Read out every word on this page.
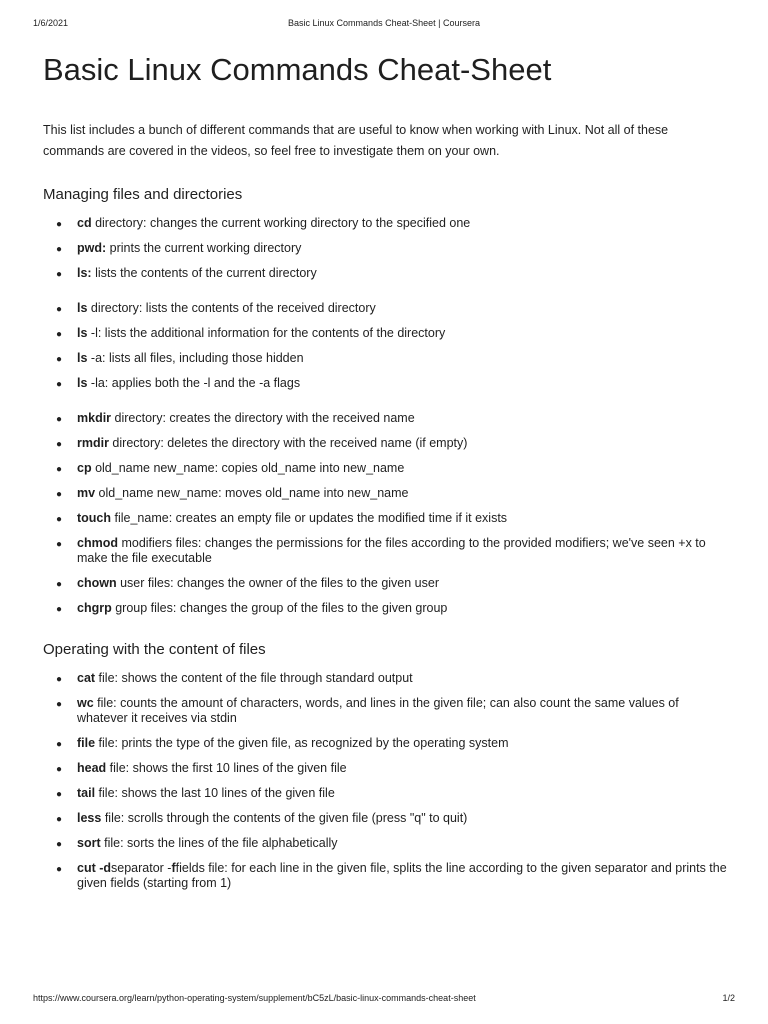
1/6/2021	Basic Linux Commands Cheat-Sheet | Coursera
Basic Linux Commands Cheat-Sheet

This list includes a bunch of different commands that are useful to know when working with Linux. Not all of these commands are covered in the videos, so feel free to investigate them on your own.

Managing files and directories
● cd directory: changes the current working directory to the specified one
● pwd: prints the current working directory
● ls: lists the contents of the current directory
● ls directory: lists the contents of the received directory
● ls -l: lists the additional information for the contents of the directory
● ls -a: lists all files, including those hidden
● ls -la: applies both the -l and the -a flags
● mkdir directory: creates the directory with the received name
● rmdir directory: deletes the directory with the received name (if empty)
● cp old_name new_name: copies old_name into new_name
● mv old_name new_name: moves old_name into new_name
● touch file_name: creates an empty file or updates the modified time if it exists
● chmod modifiers files: changes the permissions for the files according to the provided modifiers; we've seen +x to make the file executable
● chown user files: changes the owner of the files to the given user
● chgrp group files: changes the group of the files to the given group
Operating with the content of files
● cat file: shows the content of the file through standard output
● wc file: counts the amount of characters, words, and lines in the given file; can also count the same values of whatever it receives via stdin
● file file: prints the type of the given file, as recognized by the operating system
● head file: shows the first 10 lines of the given file
● tail file: shows the last 10 lines of the given file
● less file: scrolls through the contents of the given file (press "q" to quit)
● sort file: sorts the lines of the file alphabetically
● cut -dseparator -ffields file: for each line in the given file, splits the line according to the given separator and prints the given fields (starting from 1)
https://www.coursera.org/learn/python-operating-system/supplement/bC5zL/basic-linux-commands-cheat-sheet	1/2
